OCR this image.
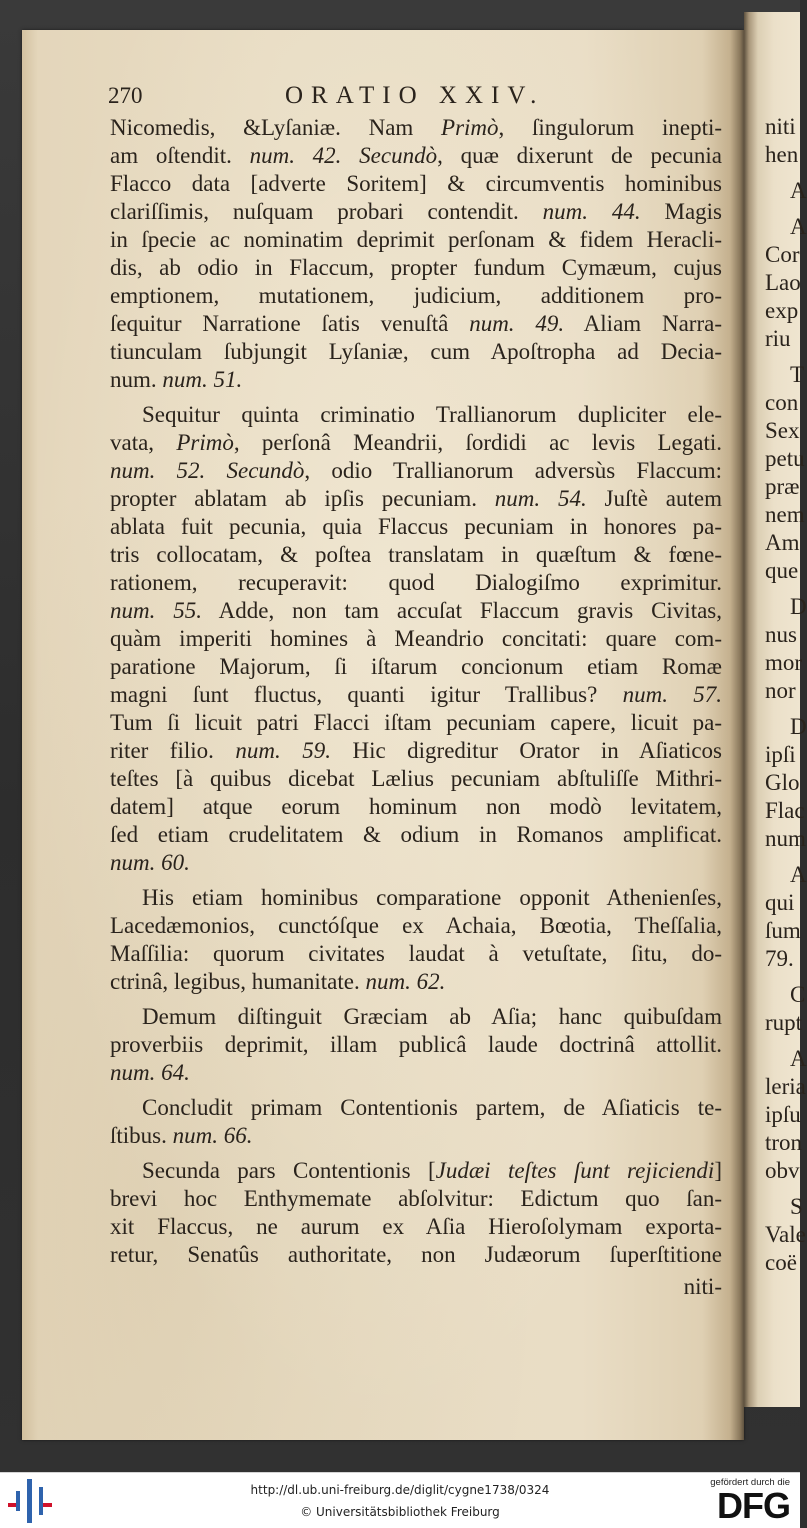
270	ORATIO XXIV.
Nicomedis, &Lyſaniæ. Nam Primò, ſingulorum inepti-
am oſtendit. num. 42. Secundò, quæ dixerunt de pecunia
Flacco data [adverte Soritem] & circumventis hominibus
clariſſimis, nuſquam probari contendit. num. 44. Magis
in ſpecie ac nominatim deprimit perſonam & fidem Heracli-
dis, ab odio in Flaccum, propter fundum Cymæum, cujus
emptionem, mutationem, judicium, additionem pro-
ſequitur Narratione ſatis venuſtâ num. 49. Aliam Narra-
tiunculam ſubjungit Lyſaniæ, cum Apoſtropha ad Decia-
num. num. 51.
Sequitur quinta criminatio Trallianorum dupliciter ele-
vata, Primò, perſonâ Meandrii, ſordidi ac levis Legati.
num. 52. Secundò, odio Trallianorum adversùs Flaccum:
propter ablatam ab ipſis pecuniam. num. 54. Juſtè autem
ablata fuit pecunia, quia Flaccus pecuniam in honores pa-
tris collocatam, & poſtea translatam in quæſtum & fœne-
rationem, recuperavit: quod Dialogiſmo exprimitur.
num. 55. Adde, non tam accuſat Flaccum gravis Civitas,
quàm imperiti homines à Meandrio concitati: quare com-
paratione Majorum, ſi iſtarum concionum etiam Romæ
magni ſunt fluctus, quanti igitur Trallibus? num. 57.
Tum ſi licuit patri Flacci iſtam pecuniam capere, licuit pa-
riter filio. num. 59. Hic digreditur Orator in Aſiaticos
teſtes [à quibus dicebat Lælius pecuniam abſtuliſſe Mithri-
datem] atque eorum hominum non modò levitatem,
ſed etiam crudelitatem & odium in Romanos amplificat.
num. 60.
His etiam hominibus comparatione opponit Athenienſes,
Lacedæmonios, cunctóſque ex Achaia, Bœotia, Theſſalia,
Maſſilia: quorum civitates laudat à vetuſtate, ſitu, do-
ctrinâ, legibus, humanitate. num. 62.
Demum diſtinguit Græciam ab Aſia; hanc quibuſdam
proverbiis deprimit, illam publicâ laude doctrinâ attollit.
num. 64.
Concludit primam Contentionis partem, de Aſiaticis te-
ſtibus. num. 66.
Secunda pars Contentionis [Judæi teſtes ſunt rejiciendi]
brevi hoc Enthymemate abſolvitur: Edictum quo ſan-
xit Flaccus, ne aurum ex Aſia Hieroſolymam exporta-
retur, Senatûs authoritate, non Judæorum ſuperſtitione
niti-
niti
hen
A
A
Cor
Lao
exp
riu
T
con
Sex
petu
præ
nem
Am
que
D
nus
mor
nor
D
ipſi
Glo
Flac
num
A
qui
ſum
79.
C
rupt
A
leria
ipſu
tron
obv
S
Vale
coë
http://dl.ub.uni-freiburg.de/diglit/cygne1738/0324
© Universitätsbibliothek Freiburg
gefördert durch die
DFG
